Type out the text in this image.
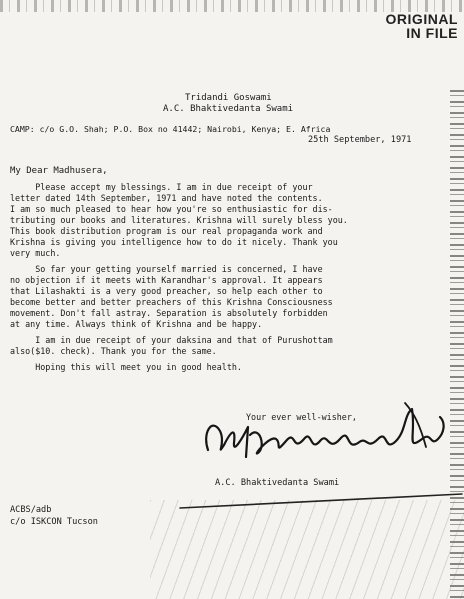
ORIGINAL
IN FILE
Tridandi Goswami
A.C. Bhaktivedanta Swami
CAMP: c/o G.O. Shah; P.O. Box no 41442; Nairobi, Kenya; E. Africa
25th September, 1971
My Dear Madhusera,
Please accept my blessings. I am in due receipt of your
letter dated 14th September, 1971 and have noted the contents.
I am so much pleased to hear how you're so enthusiastic for dis-
tributing our books and literatures. Krishna will surely bless you.
This book distribution program is our real propaganda work and
Krishna is giving you intelligence how to do it nicely. Thank you
very much.
So far your getting yourself married is concerned, I have
no objection if it meets with Karandhar's approval. It appears
that Lilashakti is a very good preacher, so help each other to
become better and better preachers of this Krishna Consciousness
movement. Don't fall astray. Separation is absolutely forbidden
at any time. Always think of Krishna and be happy.
I am in due receipt of your daksina and that of Purushottam
also($10. check). Thank you for the same.
Hoping this will meet you in good health.
Your ever well-wisher,
A.C. Bhaktivedanta Swami
ACBS/adb
c/o ISKCON Tucson
